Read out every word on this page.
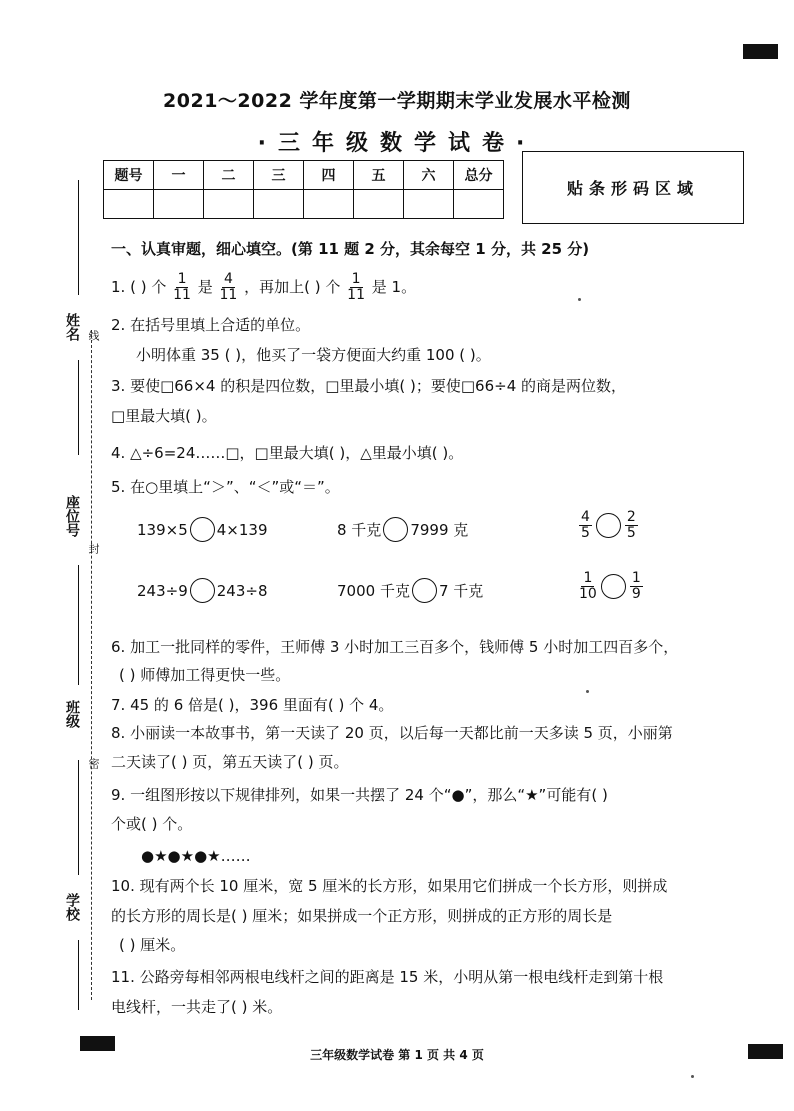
2021～2022 学年度第一学期期末学业发展水平检测
·三年级数学试卷·
题号	一	二	三	四	五	六	总分

贴条形码区域
姓名
座位号
班级
学校
线
封
密
一、认真审题，细心填空。(第 11 题 2 分，其余每空 1 分，共 25 分)
1. ( ) 个 $\frac{1}{11}$ 是 $\frac{4}{11}$ ，再加上( ) 个 $\frac{1}{11}$ 是 1。
2. 在括号里填上合适的单位。
小明体重 35 ( )，他买了一袋方便面大约重 100 ( )。
3. 要使□66×4 的积是四位数，□里最小填( )；要使□66÷4 的商是两位数，
□里最大填( )。
4. △÷6=24……□，□里最大填( )，△里最小填( )。
5. 在○里填上“＞”、“＜”或“＝”。
139×5 4×139	8 千克 7999 克	$\frac{4}{5} \frac{2}{5}$
243÷9 243÷8	7000 千克 7 千克	$\frac{1}{10} \frac{1}{9}$
6. 加工一批同样的零件，王师傅 3 小时加工三百多个，钱师傅 5 小时加工四百多个，
( ) 师傅加工得更快一些。
7. 45 的 6 倍是( )，396 里面有( ) 个 4。
8. 小丽读一本故事书，第一天读了 20 页，以后每一天都比前一天多读 5 页，小丽第
二天读了( ) 页，第五天读了( ) 页。
9. 一组图形按以下规律排列，如果一共摆了 24 个“●”，那么“★”可能有( )
个或( ) 个。
●★●★●★……
10. 现有两个长 10 厘米，宽 5 厘米的长方形，如果用它们拼成一个长方形，则拼成
的长方形的周长是( ) 厘米；如果拼成一个正方形，则拼成的正方形的周长是
( ) 厘米。
11. 公路旁每相邻两根电线杆之间的距离是 15 米，小明从第一根电线杆走到第十根
电线杆，一共走了( ) 米。
三年级数学试卷 第 1 页 共 4 页
